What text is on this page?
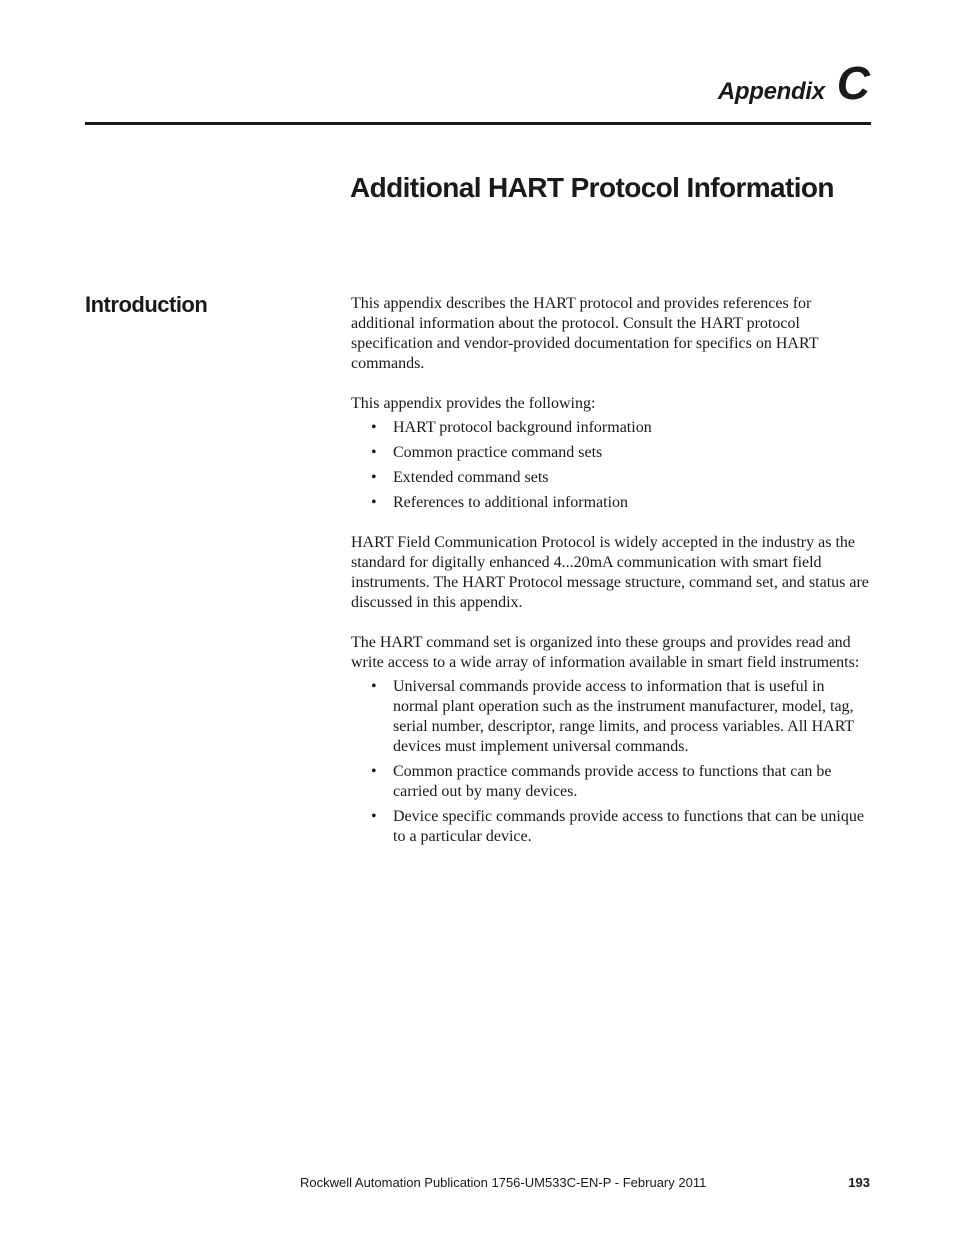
Appendix C
Additional HART Protocol Information
Introduction	This appendix describes the HART protocol and provides references for additional information about the protocol. Consult the HART protocol specification and vendor-provided documentation for specifics on HART commands.

This appendix provides the following:

• HART protocol background information
• Common practice command sets
• Extended command sets
• References to additional information

HART Field Communication Protocol is widely accepted in the industry as the standard for digitally enhanced 4...20mA communication with smart field instruments. The HART Protocol message structure, command set, and status are discussed in this appendix.

The HART command set is organized into these groups and provides read and write access to a wide array of information available in smart field instruments:

• Universal commands provide access to information that is useful in normal plant operation such as the instrument manufacturer, model, tag, serial number, descriptor, range limits, and process variables. All HART devices must implement universal commands.
• Common practice commands provide access to functions that can be carried out by many devices.
• Device specific commands provide access to functions that can be unique to a particular device.
Rockwell Automation Publication 1756-UM533C-EN-P - February 2011	193
